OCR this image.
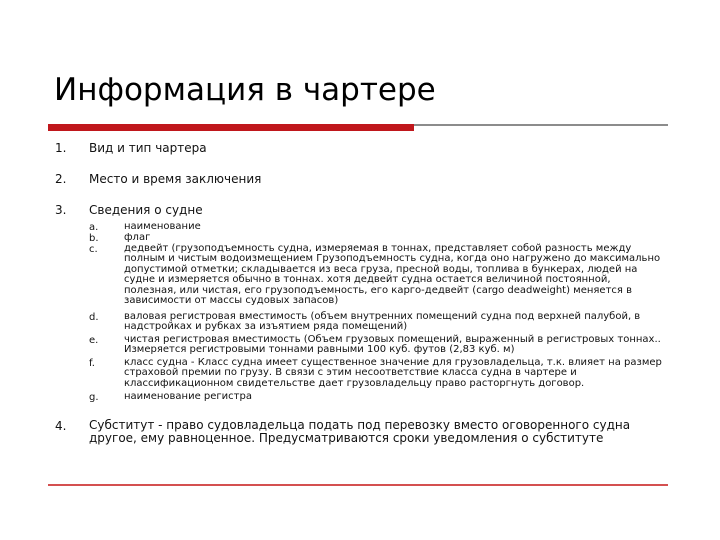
Информация в чартере
1. Вид и тип чартера
2. Место и время заключения
3. Сведения о судне
a.	наименование
b.	флаг
c.	дедвейт (грузоподъемность судна, измеряемая в тоннах, представляет собой разность между полным и чистым водоизмещением Грузоподъемность судна, когда оно нагружено до максимально допустимой отметки; складывается из веса груза, пресной воды, топлива в бункерах, людей на судне и измеряется обычно в тоннах. хотя дедвейт судна остается величиной постоянной, полезная, или чистая, его грузоподъемность, его карго-дедвейт (cargo deadweight) меняется в зависимости от массы судовых запасов)
d.	валовая регистровая вместимость (объем внутренних помещений судна под верхней палубой, в надстройках и рубках за изъятием ряда помещений)
e.	чистая регистровая вместимость (Объем грузовых помещений, выраженный в регистровых тоннах.. Измеряется регистровыми тоннами равными 100 куб. футов (2,83 куб. м)
f.	класс судна - Класс судна имеет существенное значение для грузовладельца, т.к. влияет на размер страховой премии по грузу. В связи с этим несоответствие класса судна в чартере и классификационном свидетельстве дает грузовладельцу право расторгнуть договор.
g.	наименование регистра
4. Субститут - право судовладельца подать под перевозку вместо оговоренного судна другое, ему равноценное. Предусматриваются сроки уведомления о субституте
